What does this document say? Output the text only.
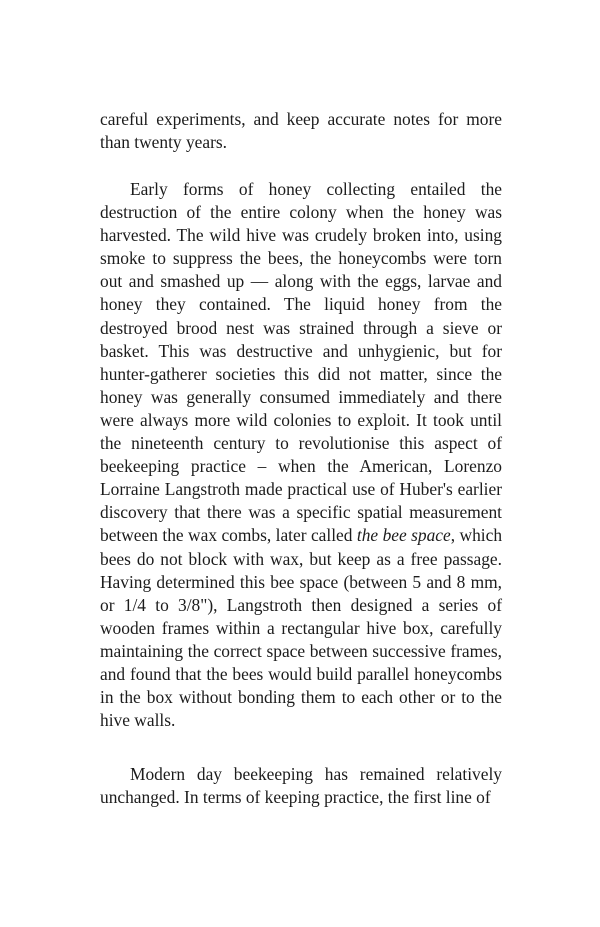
careful experiments, and keep accurate notes for more than twenty years.

Early forms of honey collecting entailed the destruction of the entire colony when the honey was harvested. The wild hive was crudely broken into, using smoke to suppress the bees, the honeycombs were torn out and smashed up — along with the eggs, larvae and honey they contained. The liquid honey from the destroyed brood nest was strained through a sieve or basket. This was destructive and unhygienic, but for hunter-gatherer societies this did not matter, since the honey was generally consumed immediately and there were always more wild colonies to exploit. It took until the nineteenth century to revolutionise this aspect of beekeeping practice – when the American, Lorenzo Lorraine Langstroth made practical use of Huber's earlier discovery that there was a specific spatial measurement between the wax combs, later called the bee space, which bees do not block with wax, but keep as a free passage. Having determined this bee space (between 5 and 8 mm, or 1/4 to 3/8"), Langstroth then designed a series of wooden frames within a rectangular hive box, carefully maintaining the correct space between successive frames, and found that the bees would build parallel honeycombs in the box without bonding them to each other or to the hive walls.

Modern day beekeeping has remained relatively unchanged. In terms of keeping practice, the first line of
